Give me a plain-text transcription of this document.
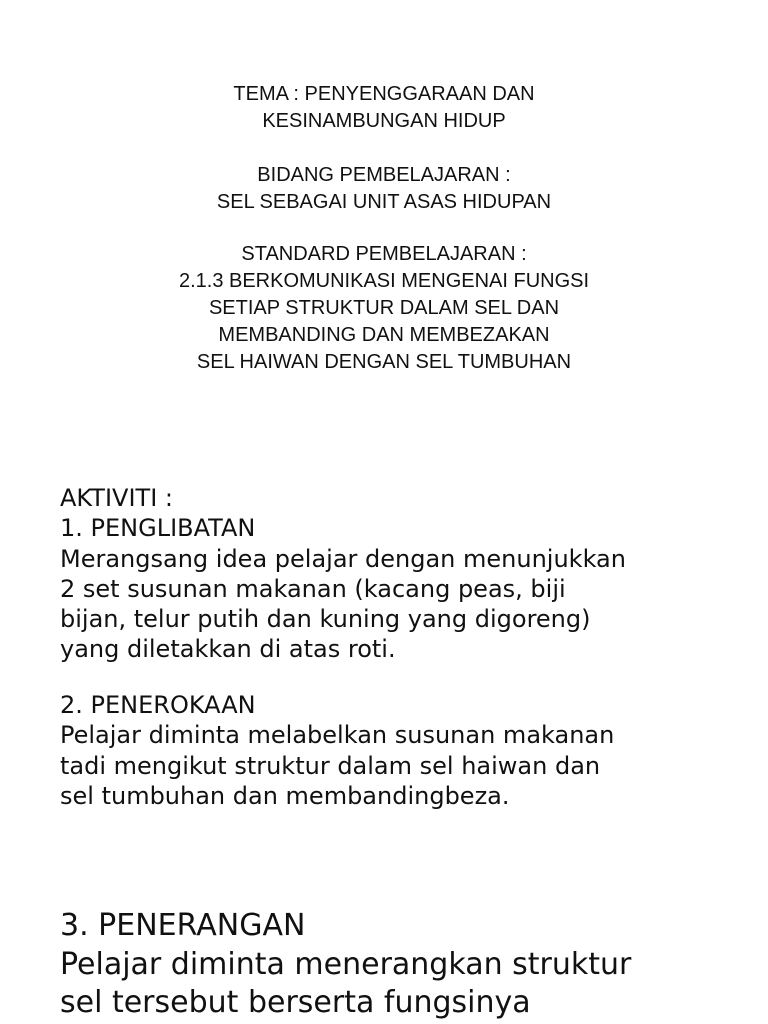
TEMA : PENYENGGARAAN DAN
KESINAMBUNGAN HIDUP
BIDANG PEMBELAJARAN :
SEL SEBAGAI UNIT ASAS HIDUPAN
STANDARD PEMBELAJARAN :
2.1.3 BERKOMUNIKASI MENGENAI FUNGSI
SETIAP STRUKTUR DALAM SEL DAN
MEMBANDING DAN MEMBEZAKAN
SEL HAIWAN DENGAN SEL TUMBUHAN
AKTIVITI :
1. PENGLIBATAN
Merangsang idea pelajar dengan menunjukkan
2 set susunan makanan (kacang peas, biji
bijan, telur putih dan kuning yang digoreng)
yang diletakkan di atas roti.
2. PENEROKAAN
Pelajar diminta melabelkan susunan makanan
tadi mengikut struktur dalam sel haiwan dan
sel tumbuhan dan membandingbeza.
3. PENERANGAN
Pelajar diminta menerangkan struktur
sel tersebut berserta fungsinya
